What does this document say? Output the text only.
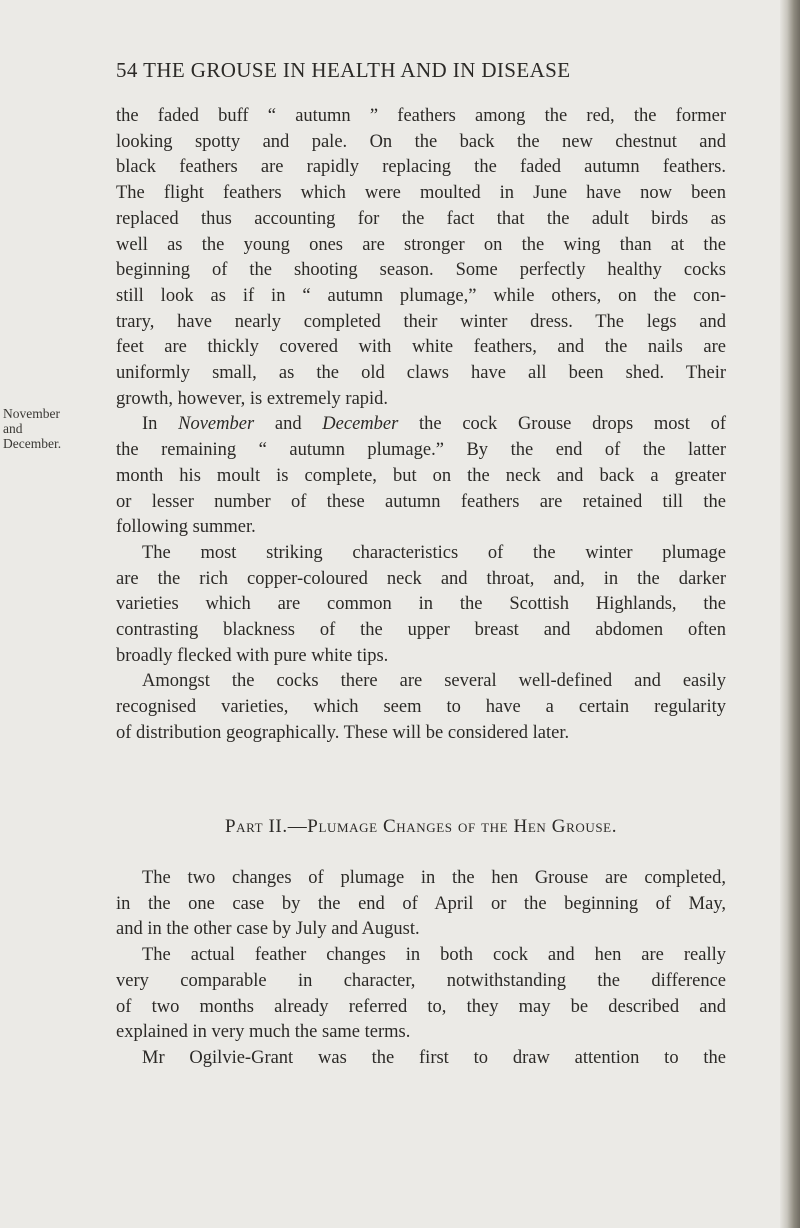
54 THE GROUSE IN HEALTH AND IN DISEASE
November
and
December.

the faded buff “ autumn ” feathers among the red, the former

looking spotty and pale. On the back the new chestnut and

black feathers are rapidly replacing the faded autumn feathers.

The flight feathers which were moulted in June have now been

replaced thus accounting for the fact that the adult birds as

well as the young ones are stronger on the wing than at the

beginning of the shooting season. Some perfectly healthy cocks

still look as if in “ autumn plumage,” while others, on the con-

trary, have nearly completed their winter dress. The legs and

feet are thickly covered with white feathers, and the nails are

uniformly small, as the old claws have all been shed. Their

growth, however, is extremely rapid.

In November and December the cock Grouse drops most of

the remaining “ autumn plumage.” By the end of the latter

month his moult is complete, but on the neck and back a greater

or lesser number of these autumn feathers are retained till the

following summer.

The most striking characteristics of the winter plumage

are the rich copper-coloured neck and throat, and, in the darker

varieties which are common in the Scottish Highlands, the

contrasting blackness of the upper breast and abdomen often

broadly flecked with pure white tips.

Amongst the cocks there are several well-defined and easily

recognised varieties, which seem to have a certain regularity

of distribution geographically. These will be considered later.

Part II.—Plumage Changes of the Hen Grouse.

The two changes of plumage in the hen Grouse are completed,

in the one case by the end of April or the beginning of May,

and in the other case by July and August.

The actual feather changes in both cock and hen are really

very comparable in character, notwithstanding the difference

of two months already referred to, they may be described and

explained in very much the same terms.

Mr Ogilvie-Grant was the first to draw attention to the
